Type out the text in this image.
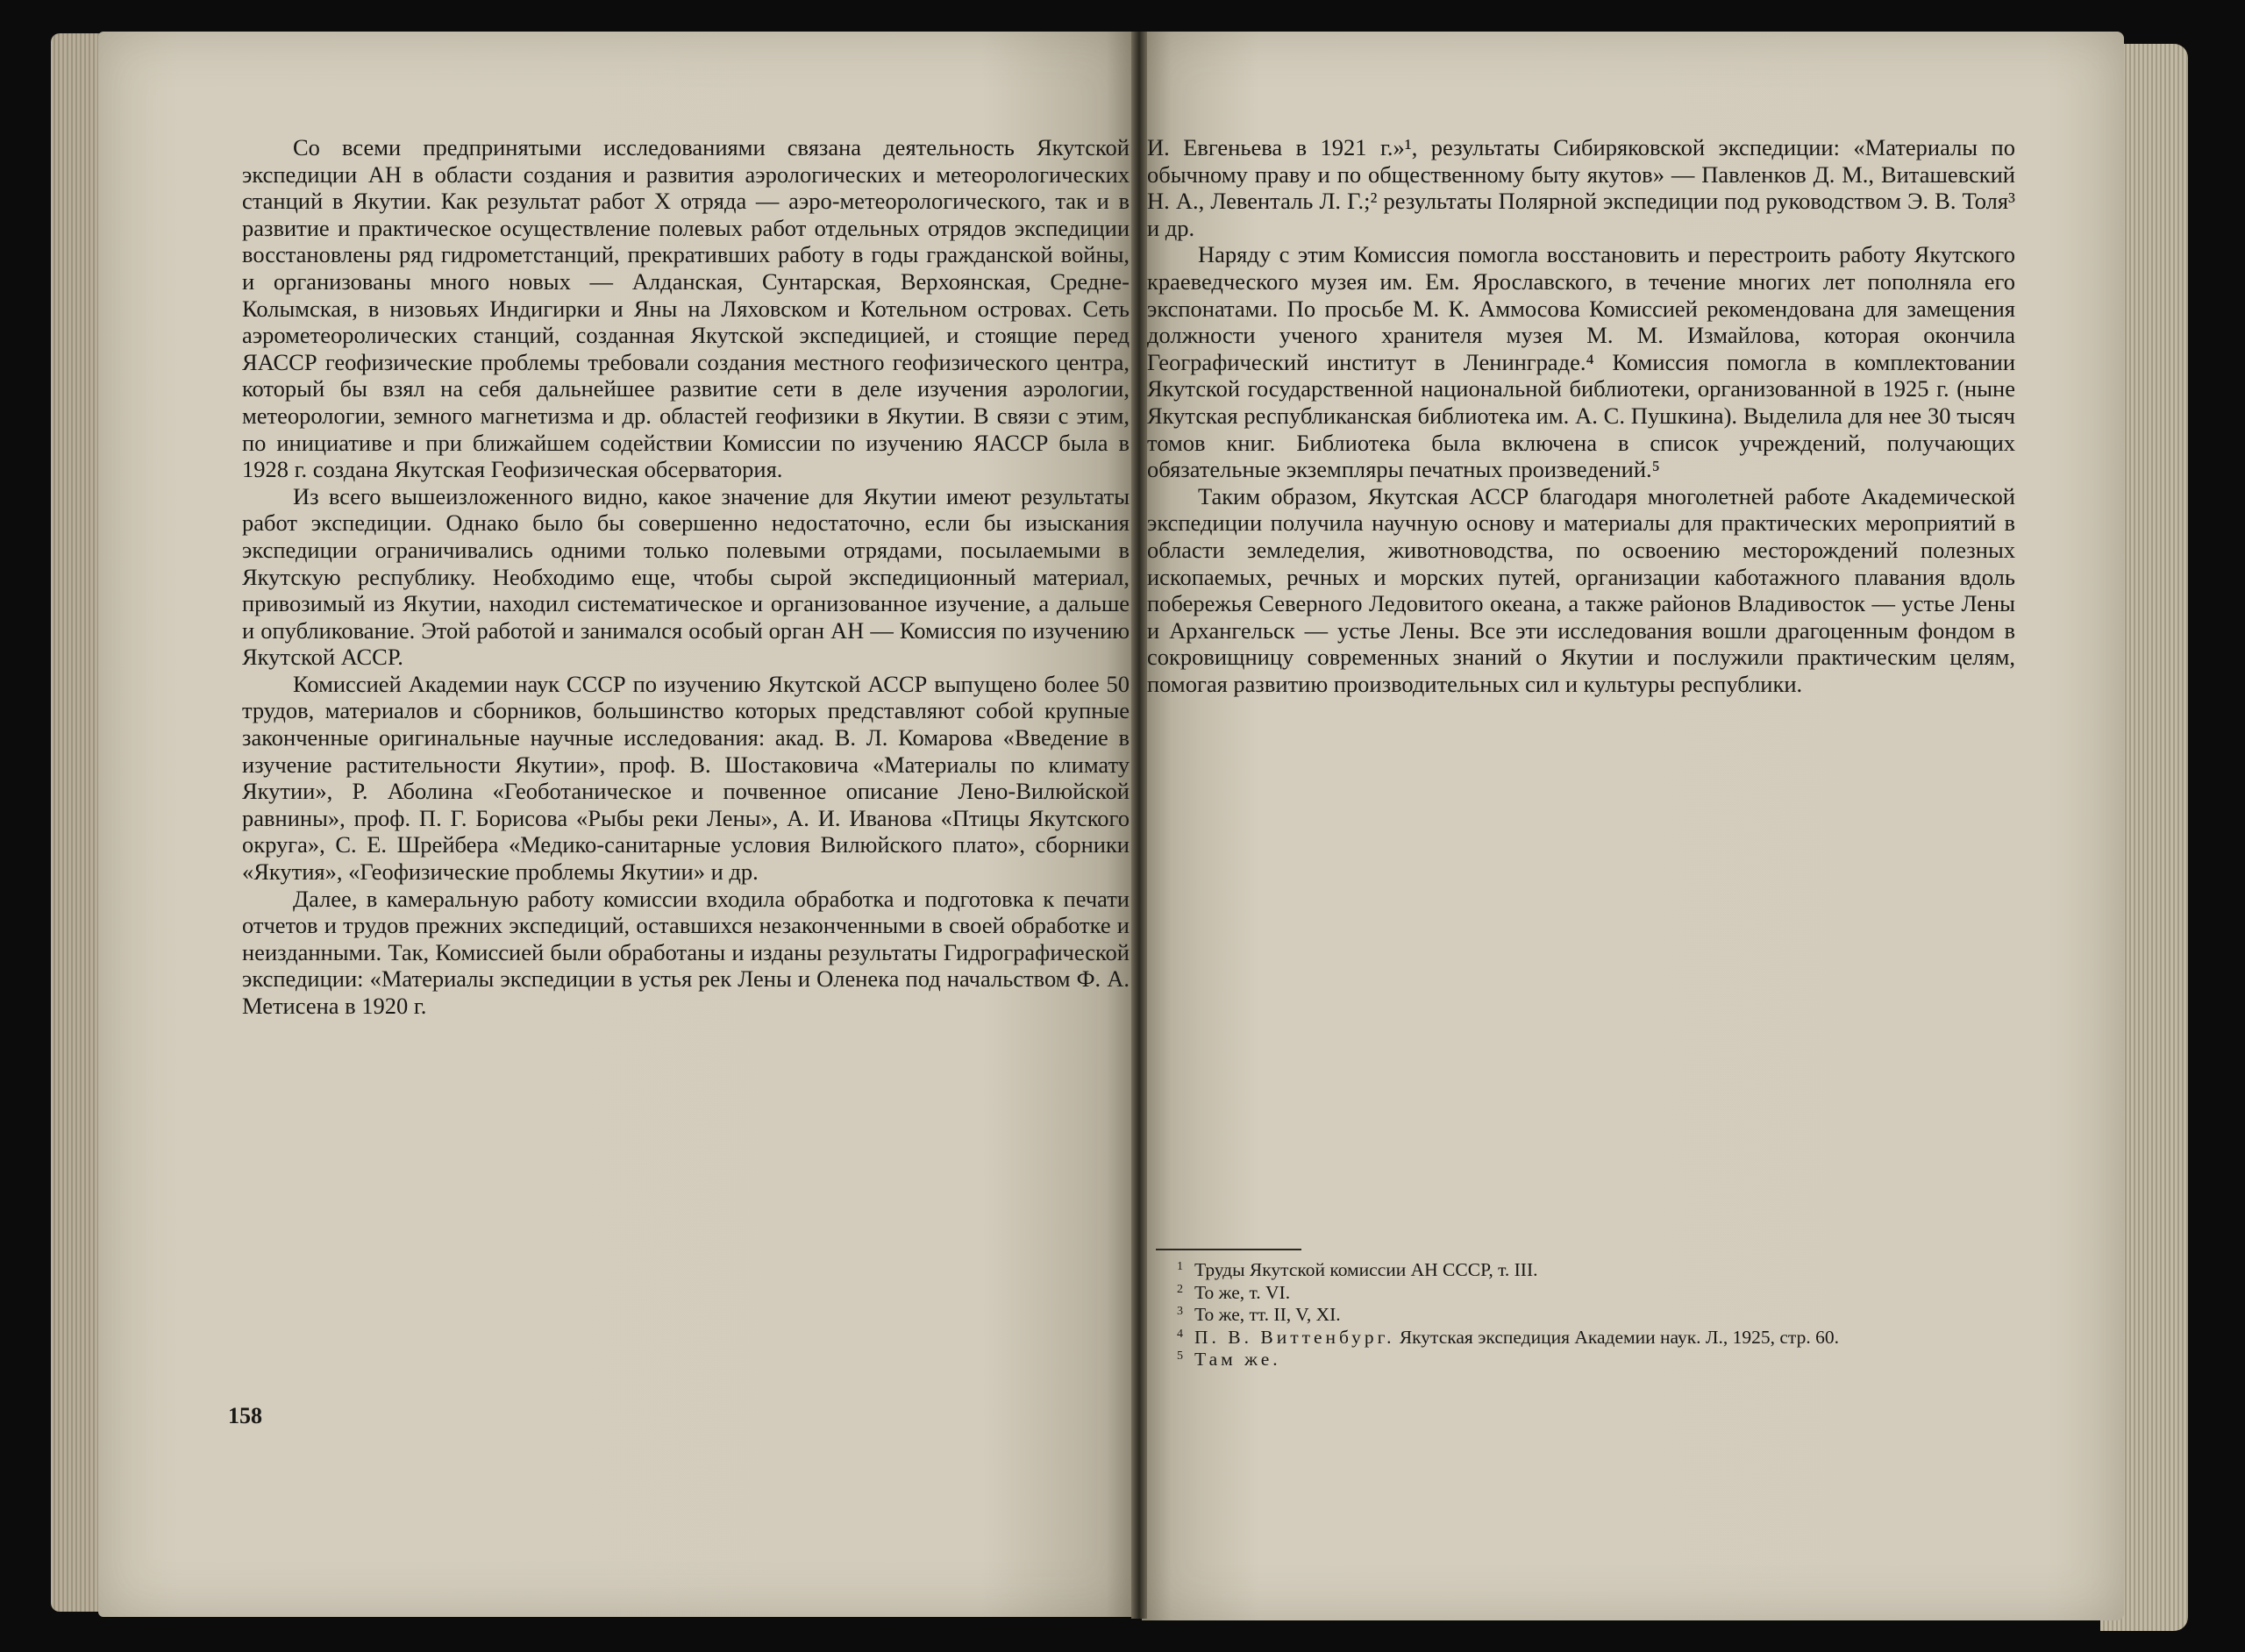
Со всеми предпринятыми исследованиями связана деятельность Якутской экспедиции АН в области создания и развития аэрологических и метеорологических станций в Якутии. Как результат работ X отряда — аэро-метеорологического, так и в развитие и практическое осуществление полевых работ отдельных отрядов экспедиции восстановлены ряд гидрометстанций, прекративших работу в годы гражданской войны, и организованы много новых — Алданская, Сунтарская, Верхоянская, Средне-Колымская, в низовьях Индигирки и Яны на Ляховском и Котельном островах. Сеть аэрометеоролических станций, созданная Якутской экспедицией, и стоящие перед ЯАССР геофизические проблемы требовали создания местного геофизического центра, который бы взял на себя дальнейшее развитие сети в деле изучения аэрологии, метеорологии, земного магнетизма и др. областей геофизики в Якутии. В связи с этим, по инициативе и при ближайшем содействии Комиссии по изучению ЯАССР была в 1928 г. создана Якутская Геофизическая обсерватория.

Из всего вышеизложенного видно, какое значение для Якутии имеют результаты работ экспедиции. Однако было бы совершенно недостаточно, если бы изыскания экспедиции ограничивались одними только полевыми отрядами, посылаемыми в Якутскую республику. Необходимо еще, чтобы сырой экспедиционный материал, привозимый из Якутии, находил систематическое и организованное изучение, а дальше и опубликование. Этой работой и занимался особый орган АН — Комиссия по изучению Якутской АССР.

Комиссией Академии наук СССР по изучению Якутской АССР выпущено более 50 трудов, материалов и сборников, большинство которых представляют собой крупные законченные оригинальные научные исследования: акад. В. Л. Комарова «Введение в изучение растительности Якутии», проф. В. Шостаковича «Материалы по климату Якутии», Р. Аболина «Геоботаническое и почвенное описание Лено-Вилюйской равнины», проф. П. Г. Борисова «Рыбы реки Лены», А. И. Иванова «Птицы Якутского округа», С. Е. Шрейбера «Медико-санитарные условия Вилюйского плато», сборники «Якутия», «Геофизические проблемы Якутии» и др.

Далее, в камеральную работу комиссии входила обработка и подготовка к печати отчетов и трудов прежних экспедиций, оставшихся незаконченными в своей обработке и неизданными. Так, Комиссией были обработаны и изданы результаты Гидрографической экспедиции: «Материалы экспедиции в устья рек Лены и Оленека под начальством Ф. А. Метисена в 1920 г.

158

И. Евгеньева в 1921 г.»¹, результаты Сибиряковской экспедиции: «Материалы по обычному праву и по общественному быту якутов» — Павленков Д. М., Виташевский Н. А., Левенталь Л. Г.;² результаты Полярной экспедиции под руководством Э. В. Толя³ и др.

Наряду с этим Комиссия помогла восстановить и перестроить работу Якутского краеведческого музея им. Ем. Ярославского, в течение многих лет пополняла его экспонатами. По просьбе М. К. Аммосова Комиссией рекомендована для замещения должности ученого хранителя музея М. М. Измайлова, которая окончила Географический институт в Ленинграде.⁴ Комиссия помогла в комплектовании Якутской государственной национальной библиотеки, организованной в 1925 г. (ныне Якутская республиканская библиотека им. А. С. Пушкина). Выделила для нее 30 тысяч томов книг. Библиотека была включена в список учреждений, получающих обязательные экземпляры печатных произведений.⁵

Таким образом, Якутская АССР благодаря многолетней работе Академической экспедиции получила научную основу и материалы для практических мероприятий в области земледелия, животноводства, по освоению месторождений полезных ископаемых, речных и морских путей, организации каботажного плавания вдоль побережья Северного Ледовитого океана, а также районов Владивосток — устье Лены и Архангельск — устье Лены. Все эти исследования вошли драгоценным фондом в сокровищницу современных знаний о Якутии и послужили практическим целям, помогая развитию производительных сил и культуры республики.

1 Труды Якутской комиссии АН СССР, т. III.
2 То же, т. VI.
3 То же, тт. II, V, XI.
4 П. В. Виттенбург. Якутская экспедиция Академии наук. Л., 1925, стр. 60.
5 Там же.
